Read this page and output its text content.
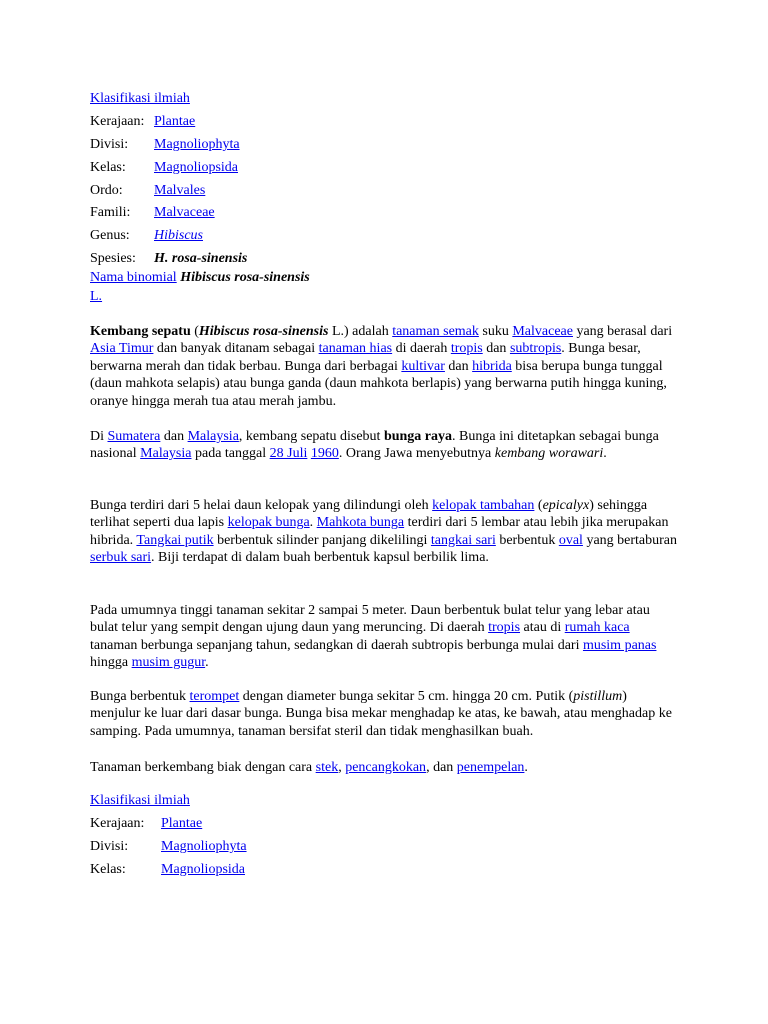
Klasifikasi ilmiah	
Kerajaan:	Plantae
Divisi:	Magnoliophyta
Kelas:	Magnoliopsida
Ordo:	Malvales
Famili:	Malvaceae
Genus:	Hibiscus
Spesies:	H. rosa-sinensis
Nama binomial Hibiscus rosa-sinensis
L.

Kembang sepatu (Hibiscus rosa-sinensis L.) adalah tanaman semak suku Malvaceae yang berasal dari Asia Timur dan banyak ditanam sebagai tanaman hias di daerah tropis dan subtropis. Bunga besar, berwarna merah dan tidak berbau. Bunga dari berbagai kultivar dan hibrida bisa berupa bunga tunggal (daun mahkota selapis) atau bunga ganda (daun mahkota berlapis) yang berwarna putih hingga kuning, oranye hingga merah tua atau merah jambu.

Di Sumatera dan Malaysia, kembang sepatu disebut bunga raya. Bunga ini ditetapkan sebagai bunga nasional Malaysia pada tanggal 28 Juli 1960. Orang Jawa menyebutnya kembang worawari.

Bunga terdiri dari 5 helai daun kelopak yang dilindungi oleh kelopak tambahan (epicalyx) sehingga terlihat seperti dua lapis kelopak bunga. Mahkota bunga terdiri dari 5 lembar atau lebih jika merupakan hibrida. Tangkai putik berbentuk silinder panjang dikelilingi tangkai sari berbentuk oval yang bertaburan serbuk sari. Biji terdapat di dalam buah berbentuk kapsul berbilik lima.

Pada umumnya tinggi tanaman sekitar 2 sampai 5 meter. Daun berbentuk bulat telur yang lebar atau bulat telur yang sempit dengan ujung daun yang meruncing. Di daerah tropis atau di rumah kaca tanaman berbunga sepanjang tahun, sedangkan di daerah subtropis berbunga mulai dari musim panas hingga musim gugur.

Bunga berbentuk terompet dengan diameter bunga sekitar 5 cm. hingga 20 cm. Putik (pistillum) menjulur ke luar dari dasar bunga. Bunga bisa mekar menghadap ke atas, ke bawah, atau menghadap ke samping. Pada umumnya, tanaman bersifat steril dan tidak menghasilkan buah.

Tanaman berkembang biak dengan cara stek, pencangkokan, dan penempelan.

Klasifikasi ilmiah	
Kerajaan:	Plantae
Divisi:	Magnoliophyta
Kelas:	Magnoliopsida
